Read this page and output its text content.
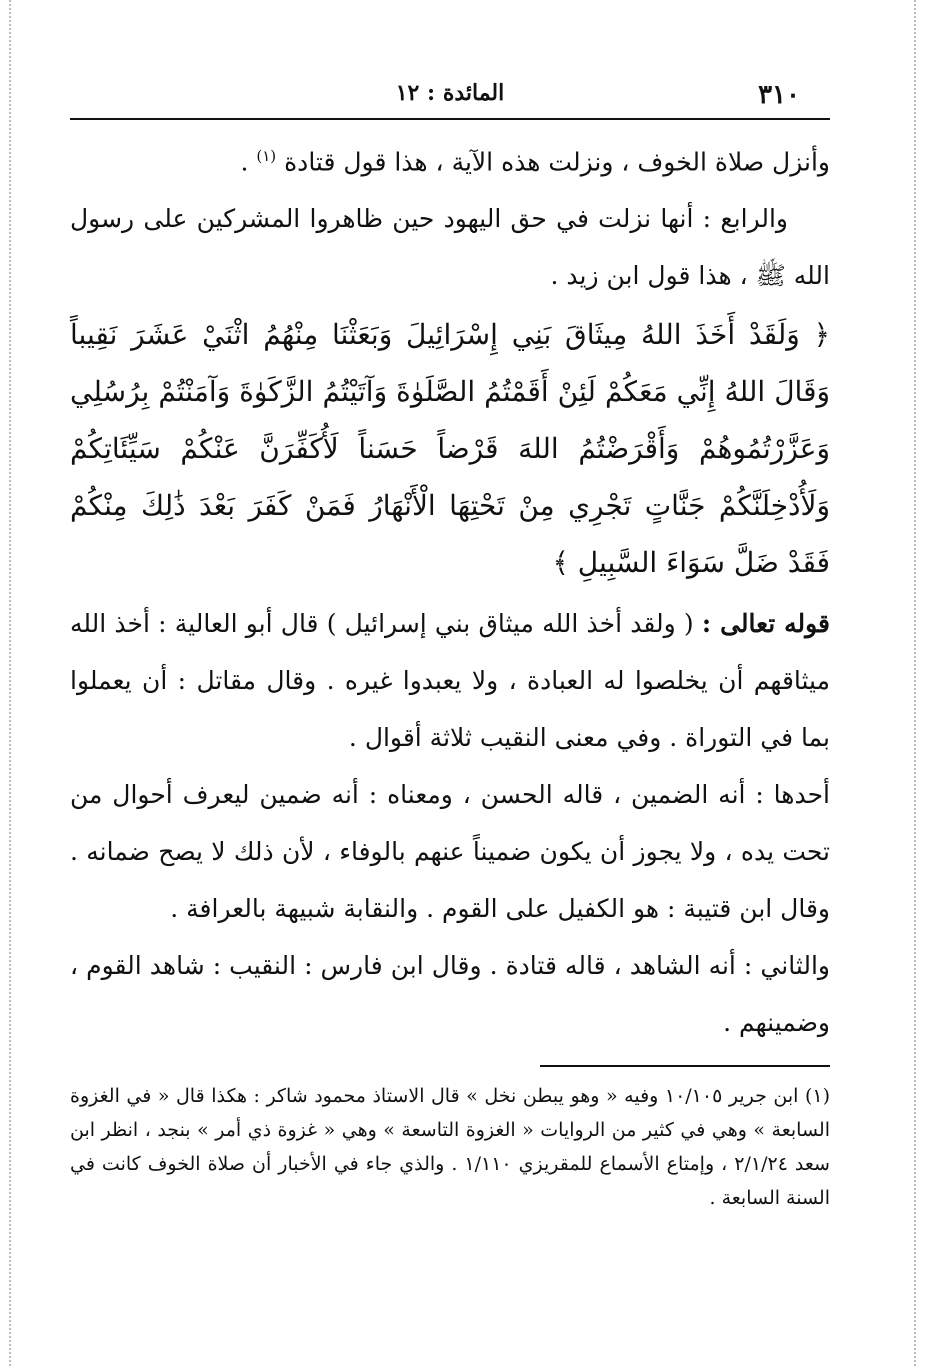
٣١٠
المائدة : ١٢

وأنزل صلاة الخوف ، ونزلت هذه الآية ، هذا قول قتادة $^{(١)}$ .

والرابع : أنها نزلت في حق اليهود حين ظاهروا المشركين على رسول الله ﷺ ، هذا قول ابن زيد .

﴿ وَلَقَدْ أَخَذَ اللهُ مِيثَاقَ بَنِي إِسْرَائِيلَ وَبَعَثْنَا مِنْهُمُ اثْنَيْ عَشَرَ نَقِيباً وَقَالَ اللهُ إِنِّي مَعَكُمْ لَئِنْ أَقَمْتُمُ الصَّلَوٰةَ وَآتَيْتُمُ الزَّكَوٰةَ وَآمَنْتُمْ بِرُسُلِي وَعَزَّرْتُمُوهُمْ وَأَقْرَضْتُمُ اللهَ قَرْضاً حَسَناً لَأُكَفِّرَنَّ عَنْكُمْ سَيِّئَاتِكُمْ وَلَأُدْخِلَنَّكُمْ جَنَّاتٍ تَجْرِي مِنْ تَحْتِهَا الْأَنْهَارُ فَمَنْ كَفَرَ بَعْدَ ذَٰلِكَ مِنْكُمْ فَقَدْ ضَلَّ سَوَاءَ السَّبِيلِ ﴾

قوله تعالى : ( ولقد أخذ الله ميثاق بني إسرائيل ) قال أبو العالية : أخذ الله ميثاقهم أن يخلصوا له العبادة ، ولا يعبدوا غيره . وقال مقاتل : أن يعملوا بما في التوراة . وفي معنى النقيب ثلاثة أقوال .

أحدها : أنه الضمين ، قاله الحسن ، ومعناه : أنه ضمين ليعرف أحوال من تحت يده ، ولا يجوز أن يكون ضميناً عنهم بالوفاء ، لأن ذلك لا يصح ضمانه . وقال ابن قتيبة : هو الكفيل على القوم . والنقابة شبيهة بالعرافة .

والثاني : أنه الشاهد ، قاله قتادة . وقال ابن فارس : النقيب : شاهد القوم ، وضمينهم .

(١) ابن جرير ١٠/١٠٥ وفيه « وهو يبطن نخل » قال الاستاذ محمود شاكر : هكذا قال « في الغزوة السابعة » وهي في كثير من الروايات « الغزوة التاسعة » وهي « غزوة ذي أمر » بنجد ، انظر ابن سعد ٢/١/٢٤ ، وإمتاع الأسماع للمقريزي ١/١١٠ . والذي جاء في الأخبار أن صلاة الخوف كانت في السنة السابعة .
